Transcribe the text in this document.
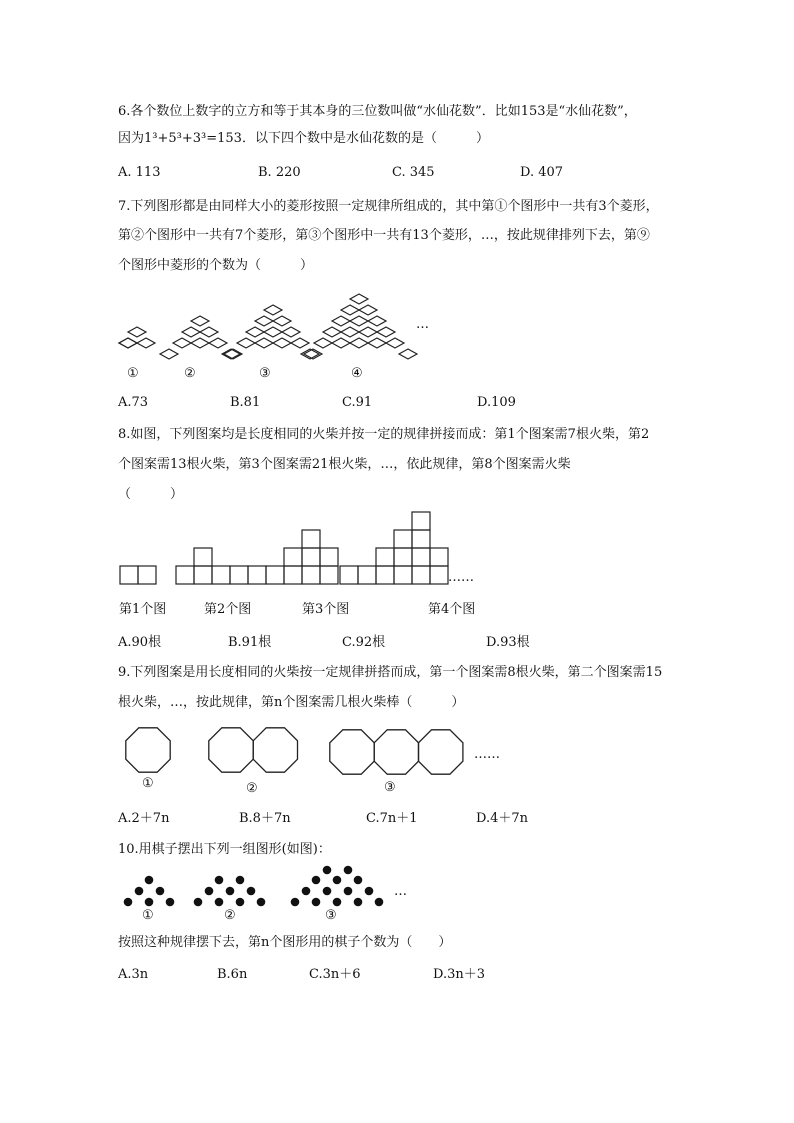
6.各个数位上数字的立方和等于其本身的三位数叫做“水仙花数”．比如153是“水仙花数”，
因为1³+5³+3³=153．以下四个数中是水仙花数的是（　　　）
A. 113	B. 220	C. 345	D. 407
7.下列图形都是由同样大小的菱形按照一定规律所组成的，其中第①个图形中一共有3个菱形，
第②个图形中一共有7个菱形，第③个图形中一共有13个菱形，…，按此规律排列下去，第⑨
个图形中菱形的个数为（　　　）
①	②	③	④
…
A.73	B.81	C.91	D.109
8.如图，下列图案均是长度相同的火柴并按一定的规律拼接而成：第1个图案需7根火柴，第2
个图案需13根火柴，第3个图案需21根火柴，…，依此规律，第8个图案需火柴
（　　　）
……
第1个图	第2个图	第3个图	第4个图
A.90根	B.91根	C.92根	D.93根
9.下列图案是用长度相同的火柴按一定规律拼搭而成，第一个图案需8根火柴，第二个图案需15
根火柴，…，按此规律，第n个图案需几根火柴棒（　　　）
①	②	③
……
A.2＋7n	B.8＋7n	C.7n＋1	D.4＋7n
10.用棋子摆出下列一组图形(如图)：
①	②	③
…
按照这种规律摆下去，第n个图形用的棋子个数为（　　）
A.3n	B.6n	C.3n＋6	D.3n＋3
